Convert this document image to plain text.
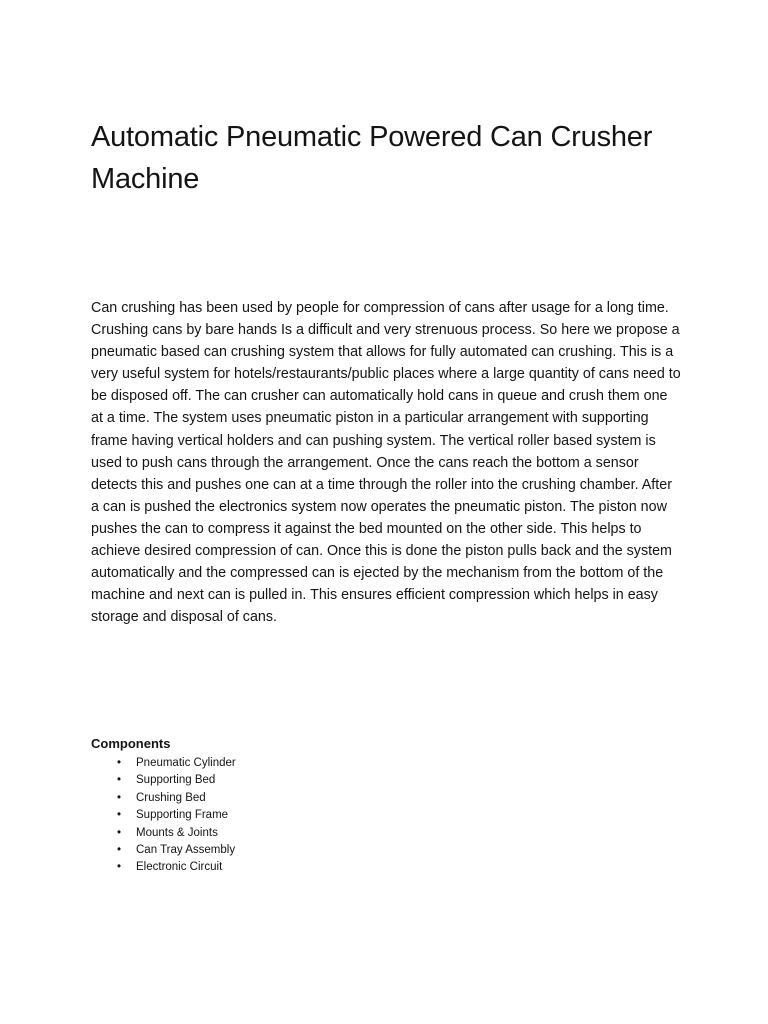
Automatic Pneumatic Powered Can Crusher Machine

Can crushing has been used by people for compression of cans after usage for a long time. Crushing cans by bare hands Is a difficult and very strenuous process. So here we propose a pneumatic based can crushing system that allows for fully automated can crushing. This is a very useful system for hotels/restaurants/public places where a large quantity of cans need to be disposed off. The can crusher can automatically hold cans in queue and crush them one at a time. The system uses pneumatic piston in a particular arrangement with supporting frame having vertical holders and can pushing system. The vertical roller based system is used to push cans through the arrangement. Once the cans reach the bottom a sensor detects this and pushes one can at a time through the roller into the crushing chamber. After a can is pushed the electronics system now operates the pneumatic piston. The piston now pushes the can to compress it against the bed mounted on the other side. This helps to achieve desired compression of can. Once this is done the piston pulls back and the system automatically and the compressed can is ejected by the mechanism from the bottom of the machine and next can is pulled in. This ensures efficient compression which helps in easy storage and disposal of cans.

Components
• Pneumatic Cylinder
• Supporting Bed
• Crushing Bed
• Supporting Frame
• Mounts & Joints
• Can Tray Assembly
• Electronic Circuit
